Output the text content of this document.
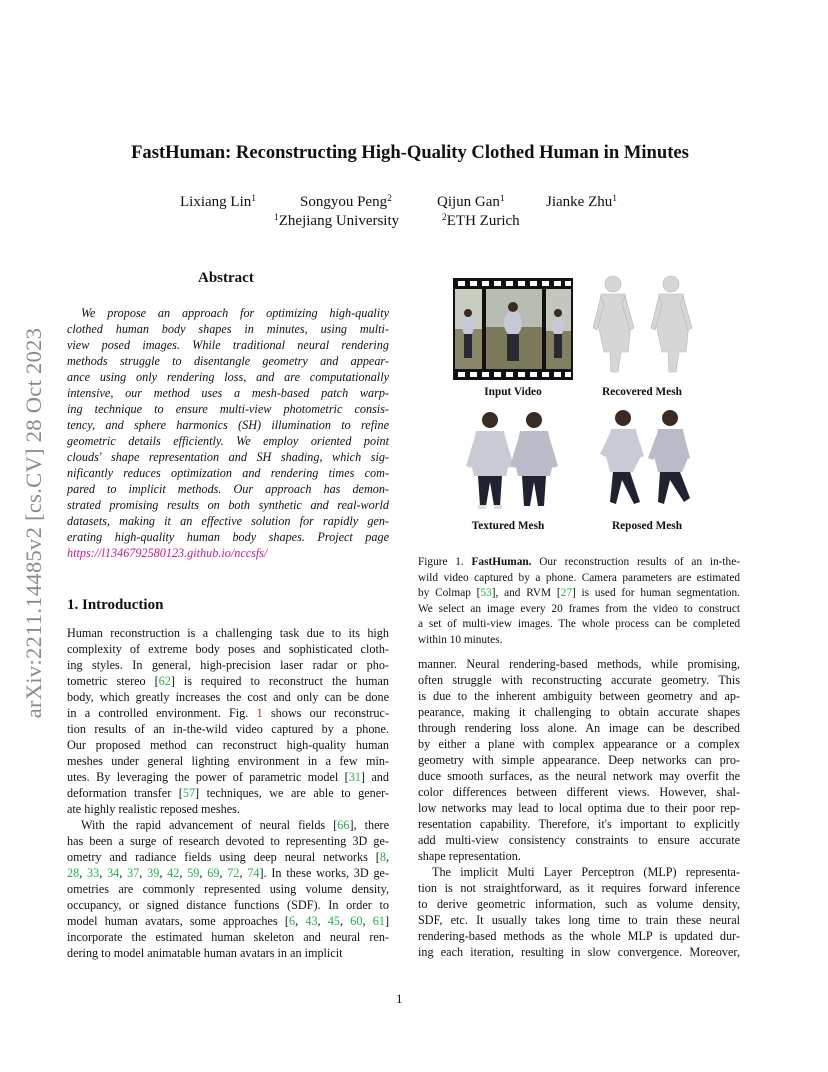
arXiv:2211.14485v2 [cs.CV] 28 Oct 2023
FastHuman: Reconstructing High-Quality Clothed Human in Minutes
Lixiang Lin$^1$	Songyou Peng$^2$	Qijun Gan$^1$	Jianke Zhu$^1$
$^1$Zhejiang University	$^2$ETH Zurich
Abstract
We propose an approach for optimizing high-quality
clothed human body shapes in minutes, using multi-
view posed images. While traditional neural rendering
methods struggle to disentangle geometry and appear-
ance using only rendering loss, and are computationally
intensive, our method uses a mesh-based patch warp-
ing technique to ensure multi-view photometric consis-
tency, and sphere harmonics (SH) illumination to refine
geometric details efficiently. We employ oriented point
clouds' shape representation and SH shading, which sig-
nificantly reduces optimization and rendering times com-
pared to implicit methods. Our approach has demon-
strated promising results on both synthetic and real-world
datasets, making it an effective solution for rapidly gen-
erating high-quality human body shapes. Project page
https://l1346792580123.github.io/nccsfs/
1. Introduction
Human reconstruction is a challenging task due to its high
complexity of extreme body poses and sophisticated cloth-
ing styles. In general, high-precision laser radar or pho-
tometric stereo [62] is required to reconstruct the human
body, which greatly increases the cost and only can be done
in a controlled environment. Fig. 1 shows our reconstruc-
tion results of an in-the-wild video captured by a phone.
Our proposed method can reconstruct high-quality human
meshes under general lighting environment in a few min-
utes. By leveraging the power of parametric model [31] and
deformation transfer [57] techniques, we are able to gener-
ate highly realistic reposed meshes.
With the rapid advancement of neural fields [66], there
has been a surge of research devoted to representing 3D ge-
ometry and radiance fields using deep neural networks [8,
28, 33, 34, 37, 39, 42, 59, 69, 72, 74]. In these works, 3D ge-
ometries are commonly represented using volume density,
occupancy, or signed distance functions (SDF). In order to
model human avatars, some approaches [6, 43, 45, 60, 61]
incorporate the estimated human skeleton and neural ren-
dering to model animatable human avatars in an implicit
Input Video	Recovered Mesh
Textured Mesh	Reposed Mesh
Figure 1. FastHuman. Our reconstruction results of an in-the-
wild video captured by a phone. Camera parameters are estimated
by Colmap [53], and RVM [27] is used for human segmentation.
We select an image every 20 frames from the video to construct
a set of multi-view images. The whole process can be completed
within 10 minutes.
manner. Neural rendering-based methods, while promising,
often struggle with reconstructing accurate geometry. This
is due to the inherent ambiguity between geometry and ap-
pearance, making it challenging to obtain accurate shapes
through rendering loss alone. An image can be described
by either a plane with complex appearance or a complex
geometry with simple appearance. Deep networks can pro-
duce smooth surfaces, as the neural network may overfit the
color differences between different views. However, shal-
low networks may lead to local optima due to their poor rep-
resentation capability. Therefore, it's important to explicitly
add multi-view consistency constraints to ensure accurate
shape representation.
The implicit Multi Layer Perceptron (MLP) representa-
tion is not straightforward, as it requires forward inference
to derive geometric information, such as volume density,
SDF, etc. It usually takes long time to train these neural
rendering-based methods as the whole MLP is updated dur-
ing each iteration, resulting in slow convergence. Moreover,
1
